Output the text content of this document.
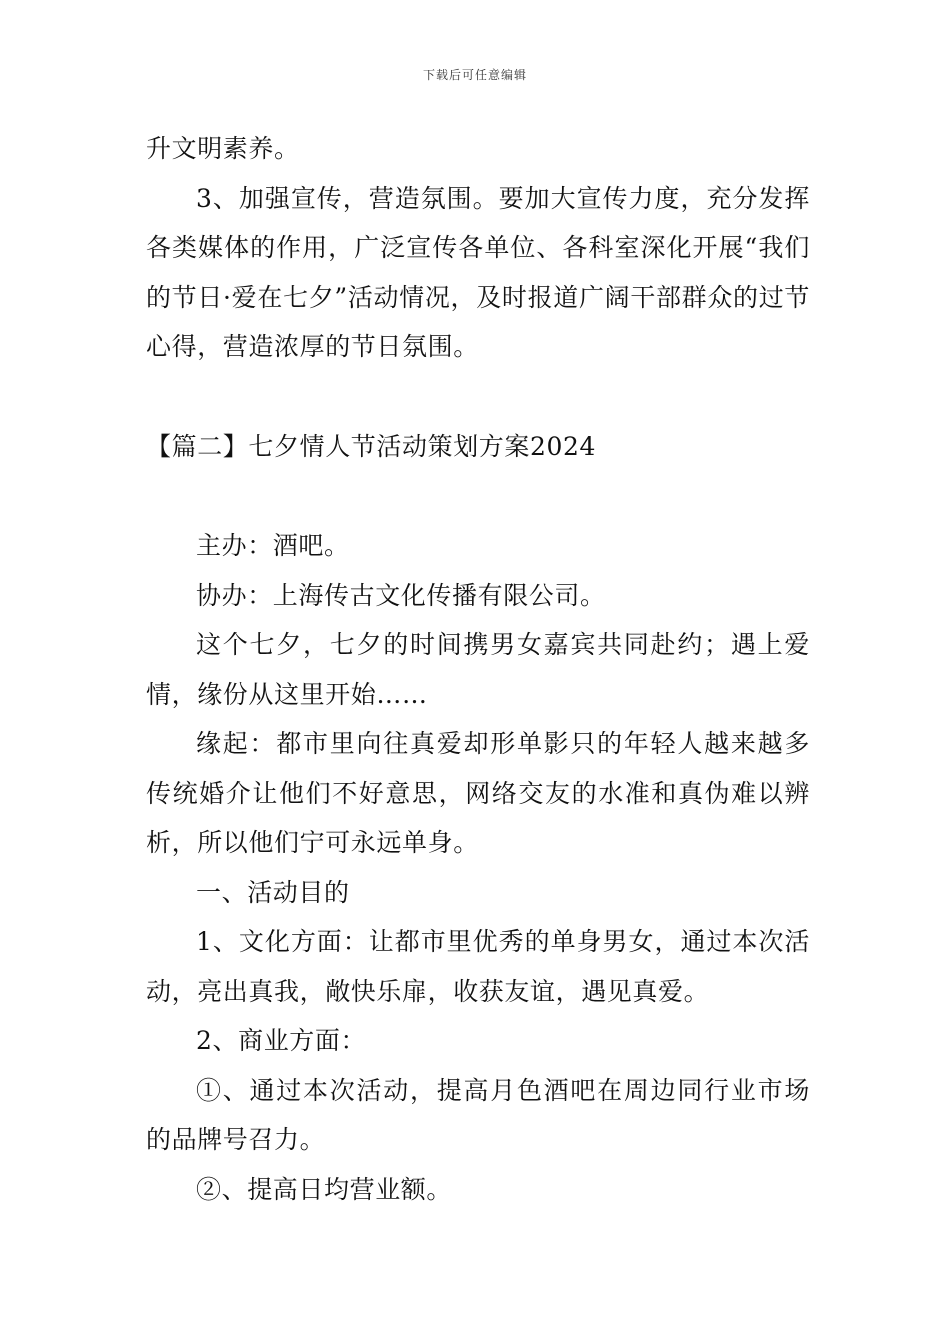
下载后可任意编辑

升文明素养。

3、加强宣传，营造氛围。要加大宣传力度，充分发挥各类媒体的作用，广泛宣传各单位、各科室深化开展“我们的节日·爱在七夕”活动情况，及时报道广阔干部群众的过节心得，营造浓厚的节日氛围。

【篇二】七夕情人节活动策划方案2024

主办：酒吧。

协办：上海传古文化传播有限公司。

这个七夕，七夕的时间携男女嘉宾共同赴约；遇上爱情，缘份从这里开始……

缘起：都市里向往真爱却形单影只的年轻人越来越多传统婚介让他们不好意思，网络交友的水准和真伪难以辨析，所以他们宁可永远单身。

一、活动目的

1、文化方面：让都市里优秀的单身男女，通过本次活动，亮出真我，敞快乐扉，收获友谊，遇见真爱。

2、商业方面：

①、通过本次活动，提高月色酒吧在周边同行业市场的品牌号召力。

②、提高日均营业额。
